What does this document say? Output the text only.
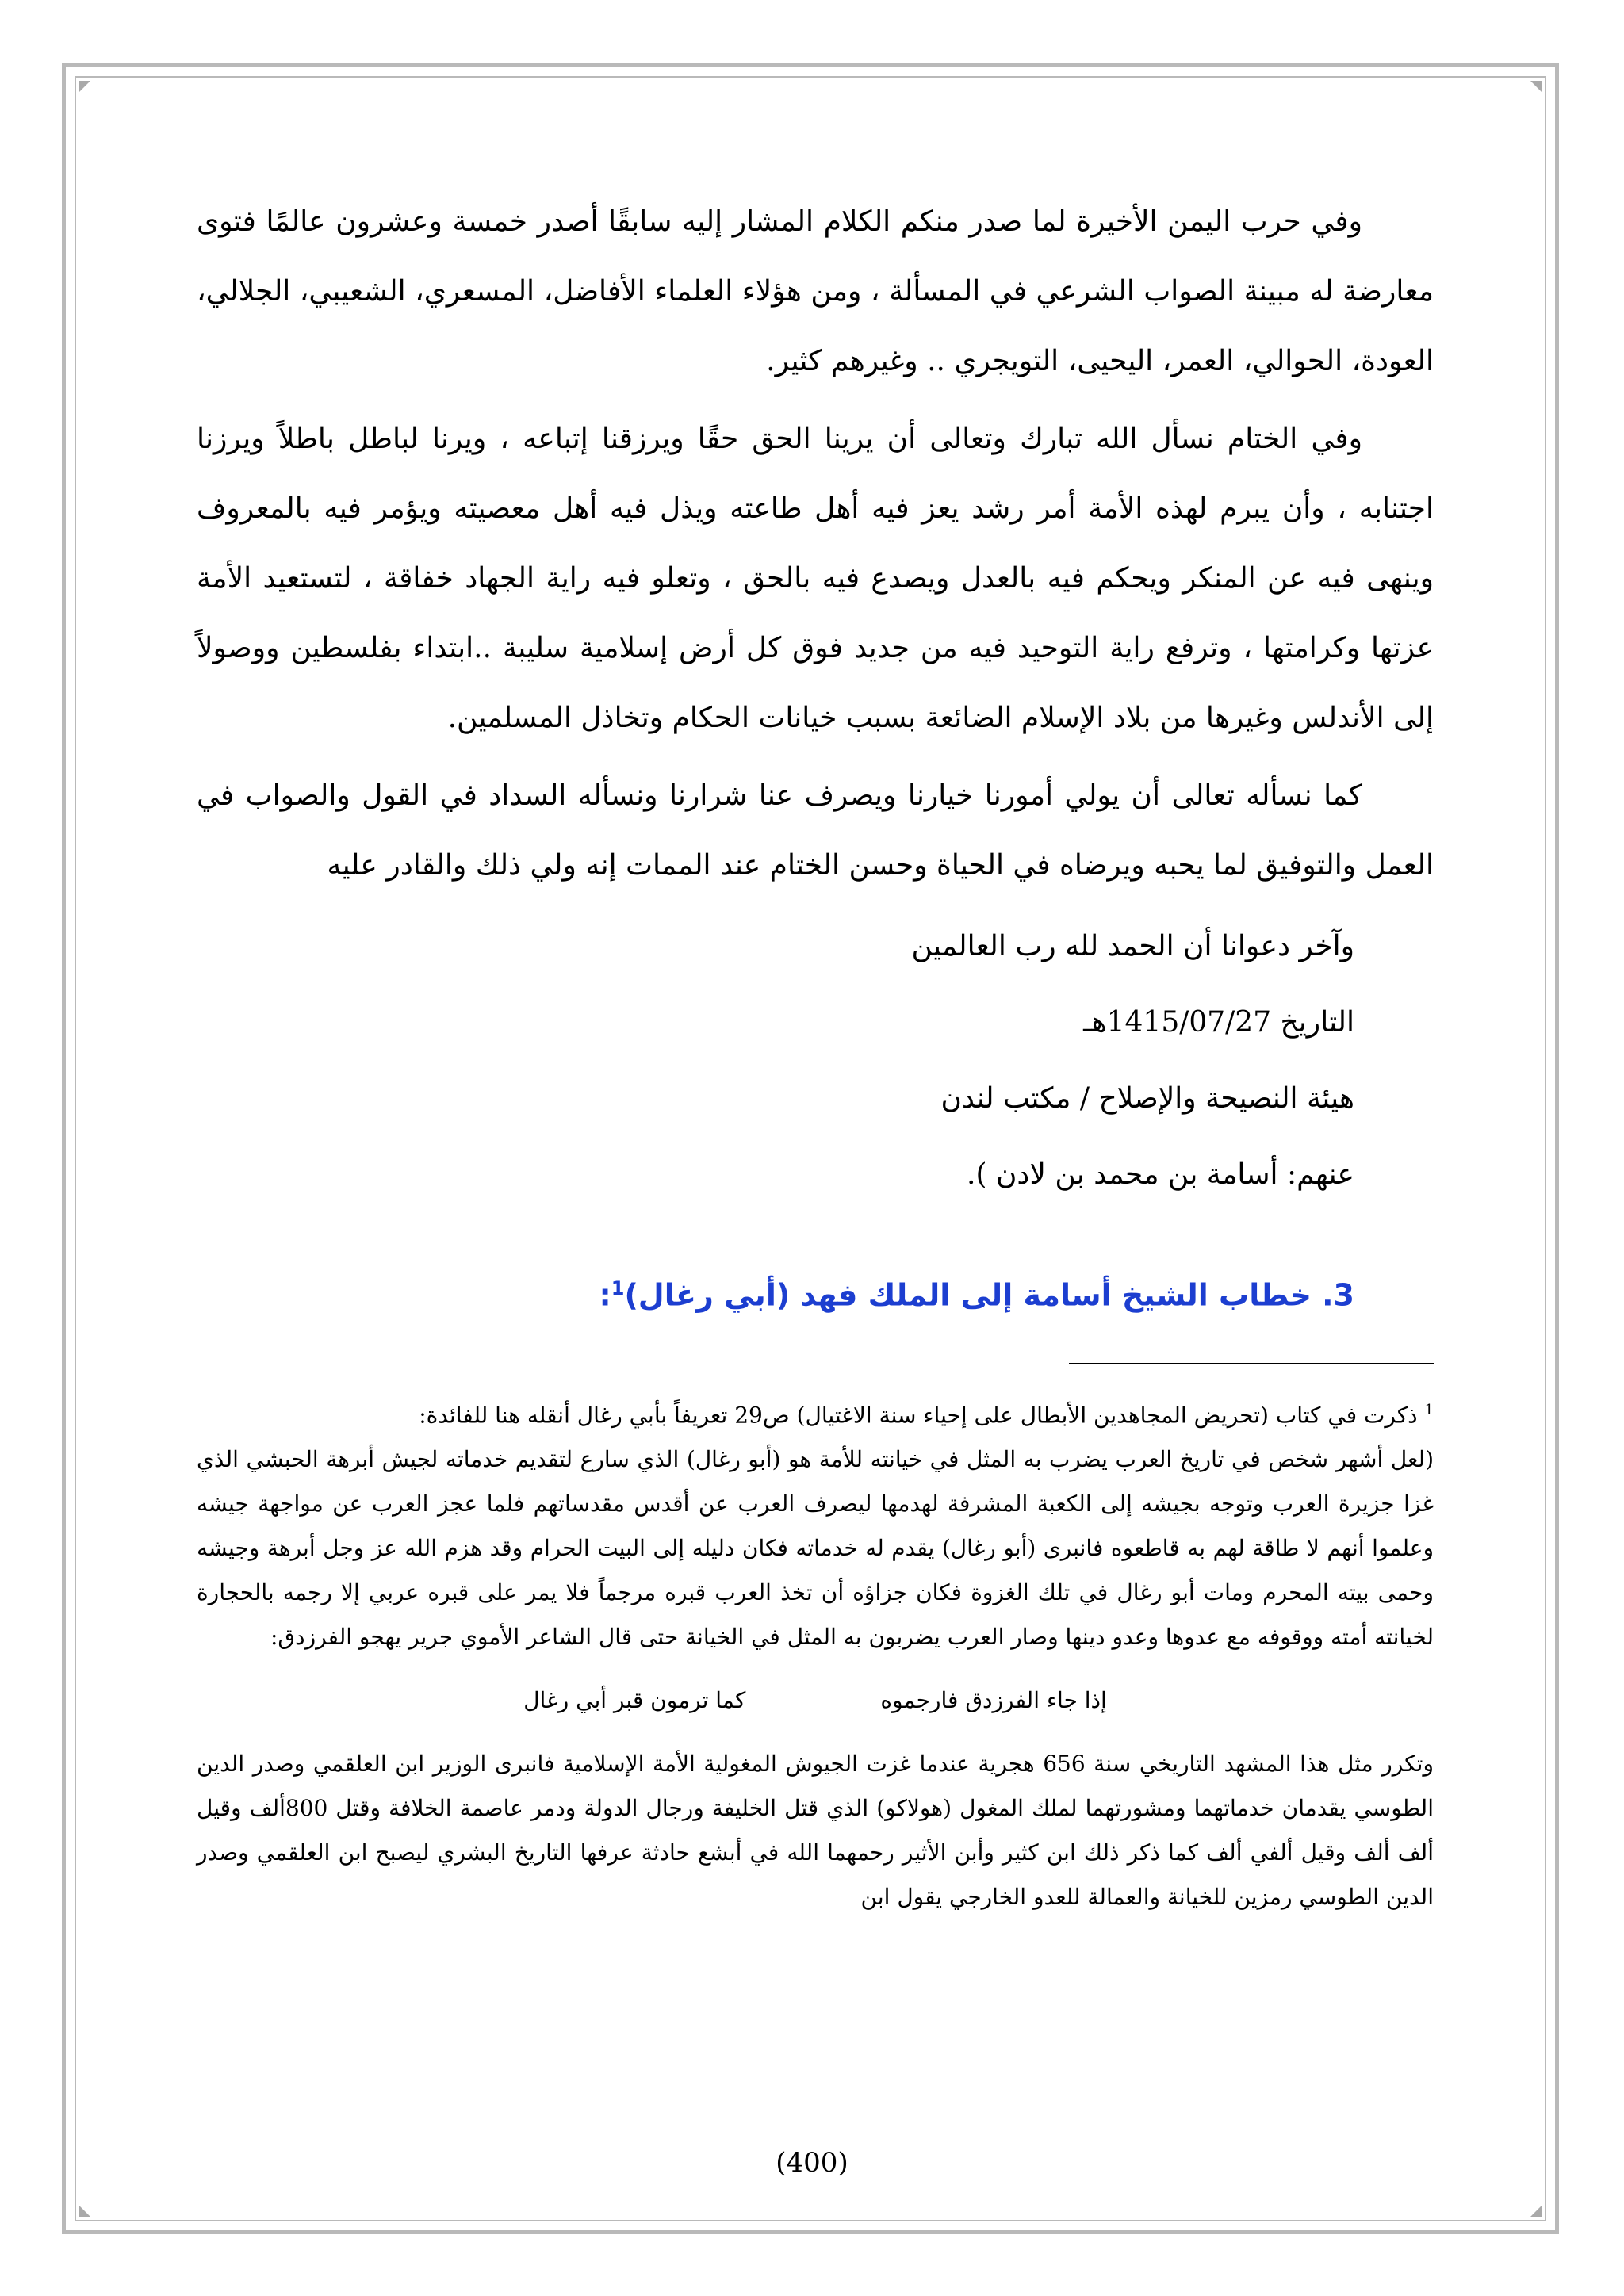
وفي حرب اليمن الأخيرة لما صدر منكم الكلام المشار إليه سابقًا أصدر خمسة وعشرون عالمًا فتوى معارضة له مبينة الصواب الشرعي في المسألة ، ومن هؤلاء العلماء الأفاضل، المسعري، الشعيبي، الجلالي، العودة، الحوالي، العمر، اليحيى، التويجري .. وغيرهم كثير.

وفي الختام نسأل الله تبارك وتعالى أن يرينا الحق حقًا ويرزقنا إتباعه ، ويرنا لباطل باطلاً ويرزنا اجتنابه ، وأن يبرم لهذه الأمة أمر رشد يعز فيه أهل طاعته ويذل فيه أهل معصيته ويؤمر فيه بالمعروف وينهى فيه عن المنكر ويحكم فيه بالعدل ويصدع فيه بالحق ، وتعلو فيه راية الجهاد خفاقة ، لتستعيد الأمة عزتها وكرامتها ، وترفع راية التوحيد فيه من جديد فوق كل أرض إسلامية سليبة ..ابتداء بفلسطين ووصولاً إلى الأندلس وغيرها من بلاد الإسلام الضائعة بسبب خيانات الحكام وتخاذل المسلمين.

كما نسأله تعالى أن يولي أمورنا خيارنا ويصرف عنا شرارنا ونسأله السداد في القول والصواب في العمل والتوفيق لما يحبه ويرضاه في الحياة وحسن الختام عند الممات إنه ولي ذلك والقادر عليه

وآخر دعوانا أن الحمد لله رب العالمين

التاريخ 1415/07/27هـ

هيئة النصيحة والإصلاح / مكتب لندن

عنهم: أسامة بن محمد بن لادن ).

3. خطاب الشيخ أسامة إلى الملك فهد (أبي رغال)$^1$:

$^1$ ذكرت في كتاب (تحريض المجاهدين الأبطال على إحياء سنة الاغتيال) ص29 تعريفاً بأبي رغال أنقله هنا للفائدة:

(لعل أشهر شخص في تاريخ العرب يضرب به المثل في خيانته للأمة هو (أبو رغال) الذي سارع لتقديم خدماته لجيش أبرهة الحبشي الذي غزا جزيرة العرب وتوجه بجيشه إلى الكعبة المشرفة لهدمها ليصرف العرب عن أقدس مقدساتهم فلما عجز العرب عن مواجهة جيشه وعلموا أنهم لا طاقة لهم به قاطعوه فانبرى (أبو رغال) يقدم له خدماته فكان دليله إلى البيت الحرام وقد هزم الله عز وجل أبرهة وجيشه وحمى بيته المحرم ومات أبو رغال في تلك الغزوة فكان جزاؤه أن تخذ العرب قبره مرجماً فلا يمر على قبره عربي إلا رجمه بالحجارة لخيانته أمته ووقوفه مع عدوها وعدو دينها وصار العرب يضربون به المثل في الخيانة حتى قال الشاعر الأموي جرير يهجو الفرزدق:

إذا جاء الفرزدق فارجموه
كما ترمون قبر أبي رغال

وتكرر مثل هذا المشهد التاريخي سنة 656 هجرية عندما غزت الجيوش المغولية الأمة الإسلامية فانبرى الوزير ابن العلقمي وصدر الدين الطوسي يقدمان خدماتهما ومشورتهما لملك المغول (هولاكو) الذي قتل الخليفة ورجال الدولة ودمر عاصمة الخلافة وقتل 800ألف وقيل ألف ألف وقيل ألفي ألف كما ذكر ذلك ابن كثير وأبن الأثير رحمهما الله في أبشع حادثة عرفها التاريخ البشري ليصبح ابن العلقمي وصدر الدين الطوسي رمزين للخيانة والعمالة للعدو الخارجي يقول ابن

(400)
